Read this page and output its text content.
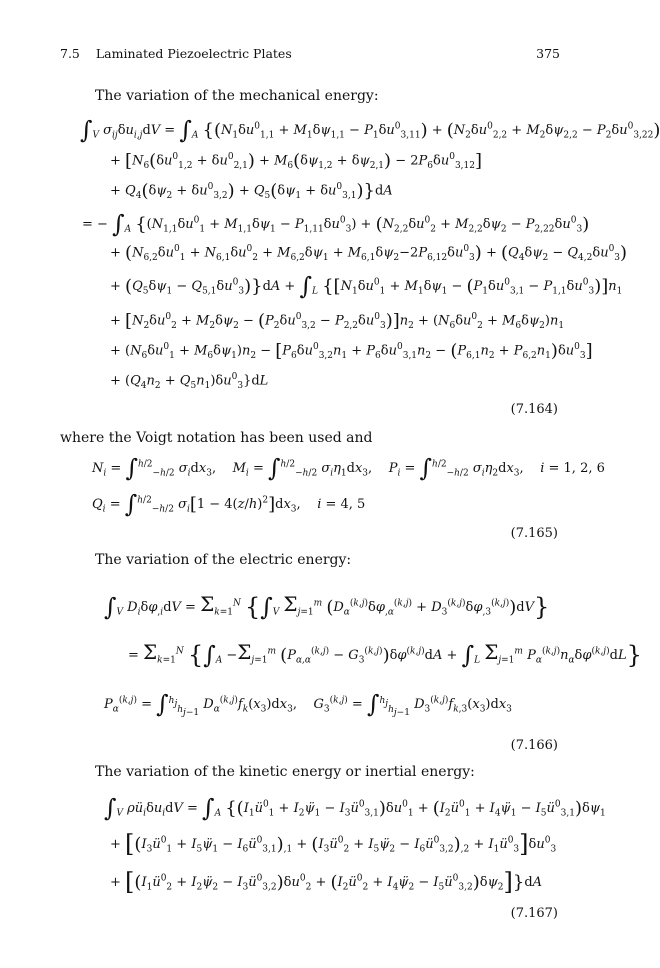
7.5 Laminated Piezoelectric Plates	375
The variation of the mechanical energy:
$\int_V$ $\sigma_{ij}\delta u_{i,j}dV = \int_A$ {$(N_1\delta u^0_{1,1} + M_1\delta\psi_{1,1} - P_1\delta u^0_{3,11}) + (N_2\delta u^0_{2,2} + M_2\delta\psi_{2,2} - P_2\delta u^0_{3,22})$
+ $[N_6(\delta u^0_{1,2} + \delta u^0_{2,1}) + M_6(\delta\psi_{1,2} + \delta\psi_{2,1}) - 2P_6\delta u^0_{3,12}]$
+ $Q_4(\delta\psi_2 + \delta u^0_{3,2}) + Q_5(\delta\psi_1 + \delta u^0_{3,1})\}dA$
= − $\int_A$ {$(N_{1,1}\delta u^0_1 + M_{1,1}\delta\psi_1 - P_{1,11}\delta u^0_3) + (N_{2,2}\delta u^0_2 + M_{2,2}\delta\psi_2 - P_{2,22}\delta u^0_3)$
+ $(N_{6,2}\delta u^0_1 + N_{6,1}\delta u^0_2 + M_{6,2}\delta\psi_1 + M_{6,1}\delta\psi_2-2P_{6,12}\delta u^0_3) + (Q_4\delta\psi_2 - Q_{4,2}\delta u^0_3)$
+ $(Q_5\delta\psi_1 - Q_{5,1}\delta u^0_3)\}dA + \int_L$ {$[N_1\delta u^0_1 + M_1\delta\psi_1 - (P_1\delta u^0_{3,1} - P_{1,1}\delta u^0_3)]n_1$
+ $[N_2\delta u^0_2 + M_2\delta\psi_2 - (P_2\delta u^0_{3,2} - P_{2,2}\delta u^0_3)]n_2 + (N_6\delta u^0_2 + M_6\delta\psi_2)n_1$
+ $(N_6\delta u^0_1 + M_6\delta\psi_1)n_2 - [P_6\delta u^0_{3,2}n_1 + P_6\delta u^0_{3,1}n_2 - (P_{6,1}n_2 + P_{6,2}n_1)\delta u^0_3]$
+ $(Q_4n_2 + Q_5n_1)\delta u^0_3\}dL$
(7.164)
where the Voigt notation has been used and
$N_i = \int^{h/2}_{-h/2}$ $\sigma_idx_3$,    $M_i = \int^{h/2}_{-h/2}$ $\sigma_i\eta_1dx_3$,    $P_i = \int^{h/2}_{-h/2}$ $\sigma_i\eta_2dx_3$,    i = 1, 2, 6
$Q_i = \int^{h/2}_{-h/2}$ $\sigma_i[1 - 4(z/h)^2]dx_3$,    i = 4, 5
(7.165)
The variation of the electric energy:
$\int_V$ $D_i\delta\varphi_{,i}dV = \Sigma_{k=1}^N$ {$\int_V$ $\Sigma_{j=1}^m$ $(D_\alpha^{(k,j)}\delta\varphi_{,\alpha}^{(k,j)} + D_3^{(k,j)}\delta\varphi_{,3}^{(k,j)})dV$}
= $\Sigma_{k=1}^N$ {$\int_A -\Sigma_{j=1}^m$ $(P_{\alpha,\alpha}^{(k,j)} - G_3^{(k,j)})\delta\varphi^{(k,j)}dA + \int_L$ $\Sigma_{j=1}^m$ $P_\alpha^{(k,j)}n_\alpha\delta\varphi^{(k,j)}dL$}
$P_\alpha^{(k,j)} = \int^{h_j}_{h_{j-1}}$ $D_\alpha^{(k,j)}f_k(x_3)dx_3$,    $G_3^{(k,j)} = \int^{h_j}_{h_{j-1}}$ $D_3^{(k,j)}f_{k,3}(x_3)dx_3$
(7.166)
The variation of the kinetic energy or inertial energy:
$\int_V$ $\rho ü_i\delta u_idV = \int_A$ {($I_1ü^0_1$ + $I_2\psï_1$ − $I_3ü^0_{3,1})\delta u^0_1$ + ($I_2ü^0_1$ + $I_4\psï_1$ − $I_5ü^0_{3,1})\delta\psi_1$
+ [($I_3ü^0_1$ + $I_5\psï_1$ − $I_6ü^0_{3,1})_{,1}$ + ($I_3ü^0_2$ + $I_5\psï_2$ − $I_6ü^0_{3,2})_{,2}$ + $I_1ü^0_3]\delta u^0_3$
+ [($I_1ü^0_2$ + $I_2\psï_2$ − $I_3ü^0_{3,2})\delta u^0_2$ + ($I_2ü^0_2$ + $I_4\psï_2$ − $I_5ü^0_{3,2})\delta\psi_2]\}dA$
(7.167)
